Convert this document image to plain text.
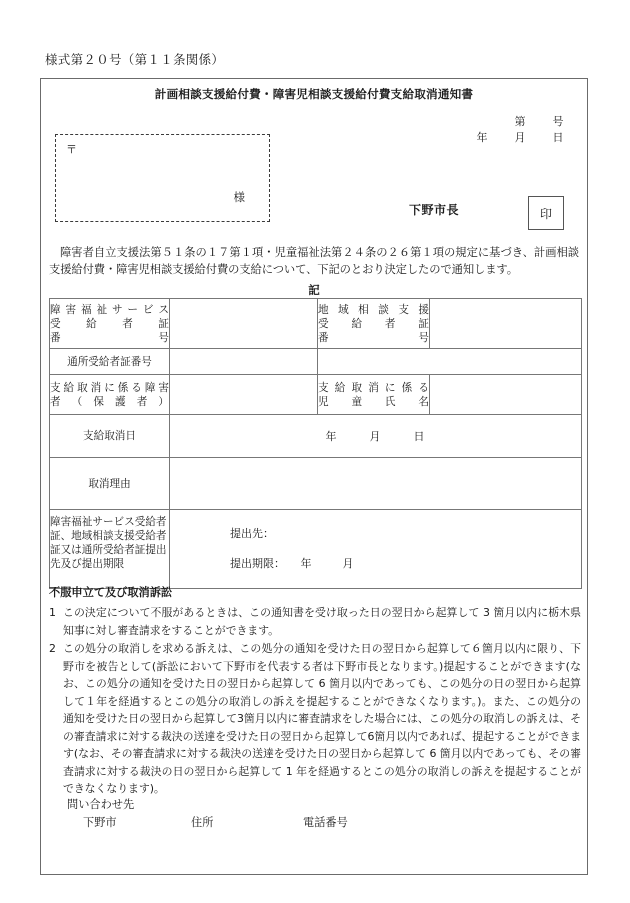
様式第２０号（第１１条関係）
計画相談支援給付費・障害児相談支援給付費支給取消通知書
第 号
年 月 日
〒
様
下野市長	印
障害者自立支援法第５１条の１７第１項・児童福祉法第２４条の２６第１項の規定に基づき、計画相談支援給付費・障害児相談支援給付費の支給について、下記のとおり決定したので通知します。
記
障害福祉サービス
受給者証
番号		地域相談支援
受給者証
番号	

通所受給者証番号		

支給取消に係る障害
者（保護者）		支給取消に係る
児童氏名	

支給取消日	年 月 日		

取消理由			
障害福祉サービス受給者証、地域相談支援受給者証又は通所受給者証提出先及び提出期限	提出先：
提出期限： 年 月		
不服申立て及び取消訴訟
1 この決定について不服があるときは、この通知書を受け取った日の翌日から起算して 3 箇月以内に栃木県知事に対し審査請求をすることができます。
2 この処分の取消しを求める訴えは、この処分の通知を受けた日の翌日から起算して６箇月以内に限り、下野市を被告として(訴訟において下野市を代表する者は下野市長となります。)提起することができます(なお、この処分の通知を受けた日の翌日から起算して 6 箇月以内であっても、この処分の日の翌日から起算して１年を経過するとこの処分の取消しの訴えを提起することができなくなります。)。また、この処分の通知を受けた日の翌日から起算して3箇月以内に審査請求をした場合には、この処分の取消しの訴えは、その審査請求に対する裁決の送達を受けた日の翌日から起算して6箇月以内であれば、提起することができます(なお、その審査請求に対する裁決の送達を受けた日の翌日から起算して 6 箇月以内であっても、その審査請求に対する裁決の日の翌日から起算して 1 年を経過するとこの処分の取消しの訴えを提起することができなくなります)。
問い合わせ先
下野市	住所	電話番号
